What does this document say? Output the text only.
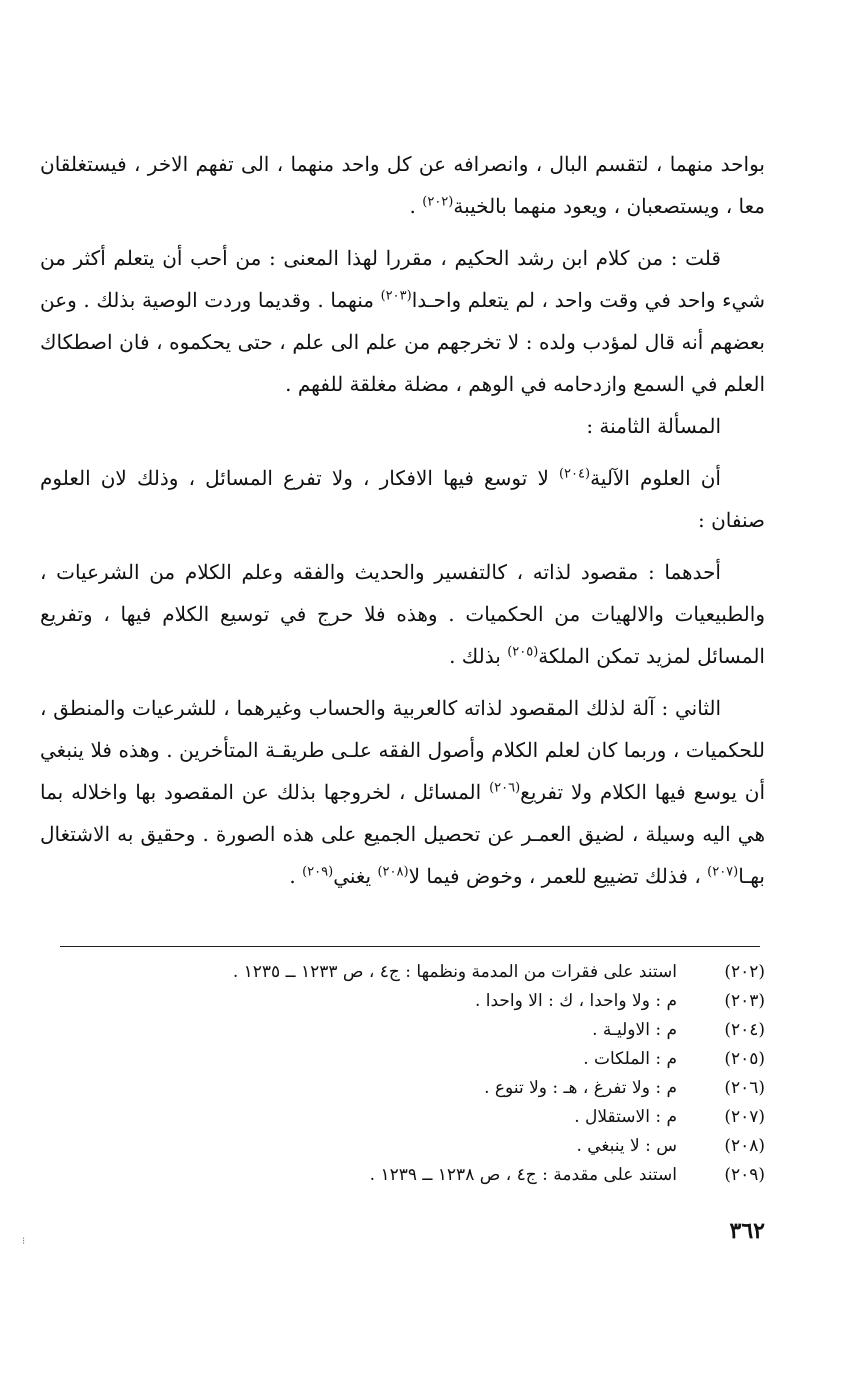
بواحد منهما ، لتقسم البال ، وانصرافه عن كل واحد منهما ، الى تفهم الاخر ، فيستغلقان معا ، ويستصعبان ، ويعود منهما بالخيبة$^{(٢٠٢)}$ .

قلت : من كلام ابن رشد الحكيم ، مقررا لهذا المعنى : من أحب أن يتعلم أكثر من شيء واحد في وقت واحد ، لم يتعلم واحـدا$^{(٢٠٣)}$ منهما . وقديما وردت الوصية بذلك . وعن بعضهم أنه قال لمؤدب ولده : لا تخرجهم من علم الى علم ، حتى يحكموه ، فان اصطكاك العلم في السمع وازدحامه في الوهم ، مضلة مغلقة للفهم .

المسألة الثامنة :

أن العلوم الآلية$^{(٢٠٤)}$ لا توسع فيها الافكار ، ولا تفرع المسائل ، وذلك لان العلوم صنفان :

أحدهما : مقصود لذاته ، كالتفسير والحديث والفقه وعلم الكلام من الشرعيات ، والطبيعيات والالهيات من الحكميات . وهذه فلا حرج في توسيع الكلام فيها ، وتفريع المسائل لمزيد تمكن الملكة$^{(٢٠٥)}$ بذلك .

الثاني : آلة لذلك المقصود لذاته كالعربية والحساب وغيرهما ، للشرعيات والمنطق ، للحكميات ، وربما كان لعلم الكلام وأصول الفقه علـى طريقـة المتأخرين . وهذه فلا ينبغي أن يوسع فيها الكلام ولا تفريع$^{(٢٠٦)}$ المسائل ، لخروجها بذلك عن المقصود بها واخلاله بما هي اليه وسيلة ، لضيق العمـر عن تحصيل الجميع على هذه الصورة . وحقيق به الاشتغال بهـا$^{(٢٠٧)}$ ، فذلك تضييع للعمر ، وخوض فيما لا$^{(٢٠٨)}$ يغني$^{(٢٠٩)}$ .

(٢٠٢)
استند على فقرات من المدمة ونظمها : ج٤ ، ص ١٢٣٣ ــ ١٢٣٥ .
(٢٠٣)
م : ولا واحدا ، ك : الا واحدا .
(٢٠٤)
م : الاوليـة .
(٢٠٥)
م : الملكات .
(٢٠٦)
م : ولا تفرغ ، هـ : ولا تنوع .
(٢٠٧)
م : الاستقلال .
(٢٠٨)
س : لا ينبغي .
(٢٠٩)
استند على مقدمة : ج٤ ، ص ١٢٣٨ ــ ١٢٣٩ .
٣٦٢
⁝
